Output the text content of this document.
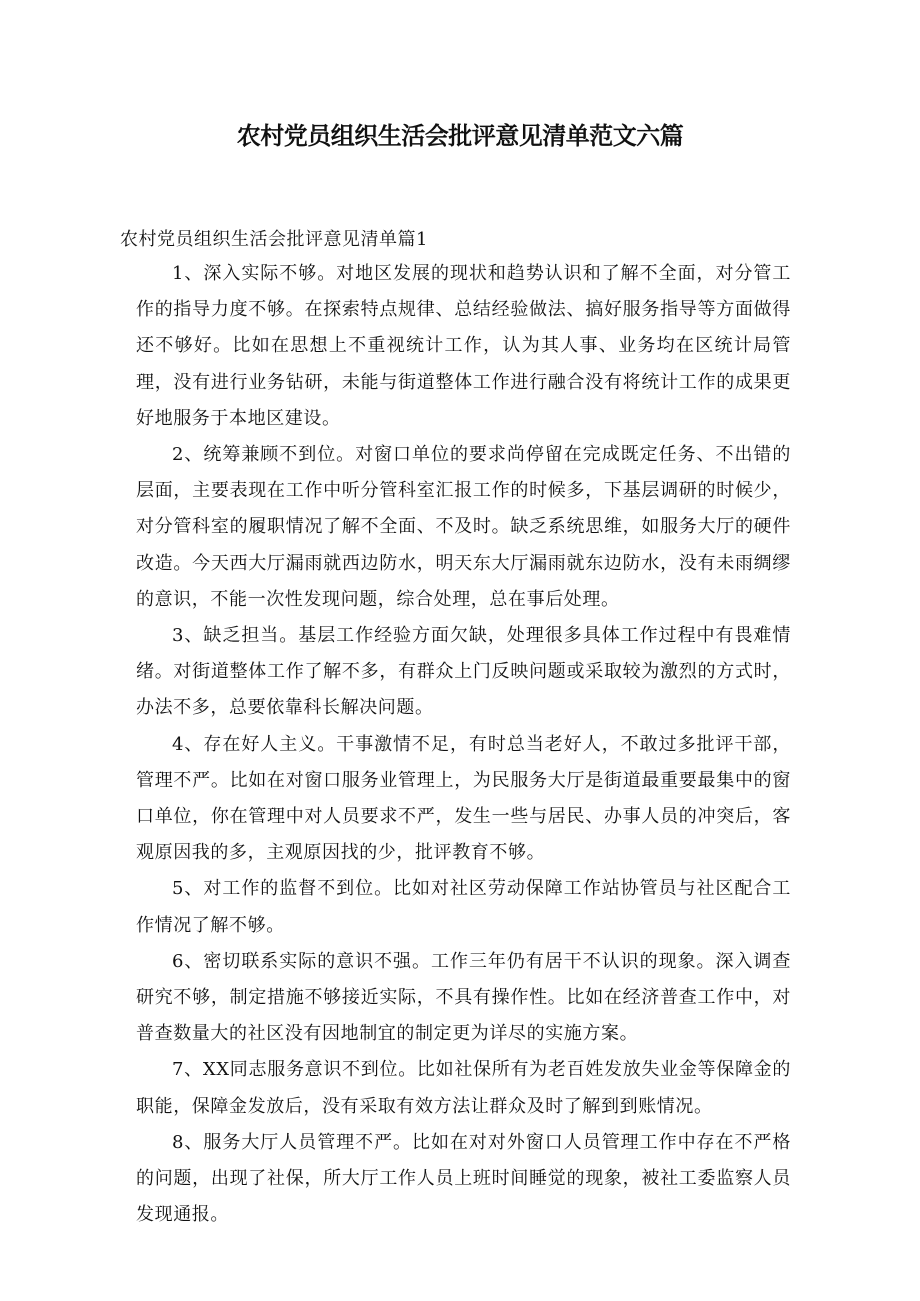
农村党员组织生活会批评意见清单范文六篇
农村党员组织生活会批评意见清单篇1

1、深入实际不够。对地区发展的现状和趋势认识和了解不全面，对分管工作的指导力度不够。在探索特点规律、总结经验做法、搞好服务指导等方面做得还不够好。比如在思想上不重视统计工作，认为其人事、业务均在区统计局管理，没有进行业务钻研，未能与街道整体工作进行融合没有将统计工作的成果更好地服务于本地区建设。

2、统筹兼顾不到位。对窗口单位的要求尚停留在完成既定任务、不出错的层面，主要表现在工作中听分管科室汇报工作的时候多，下基层调研的时候少，对分管科室的履职情况了解不全面、不及时。缺乏系统思维，如服务大厅的硬件改造。今天西大厅漏雨就西边防水，明天东大厅漏雨就东边防水，没有未雨绸缪的意识，不能一次性发现问题，综合处理，总在事后处理。

3、缺乏担当。基层工作经验方面欠缺，处理很多具体工作过程中有畏难情绪。对街道整体工作了解不多，有群众上门反映问题或采取较为激烈的方式时，办法不多，总要依靠科长解决问题。

4、存在好人主义。干事激情不足，有时总当老好人，不敢过多批评干部，管理不严。比如在对窗口服务业管理上，为民服务大厅是街道最重要最集中的窗口单位，你在管理中对人员要求不严，发生一些与居民、办事人员的冲突后，客观原因我的多，主观原因找的少，批评教育不够。

5、对工作的监督不到位。比如对社区劳动保障工作站协管员与社区配合工作情况了解不够。

6、密切联系实际的意识不强。工作三年仍有居干不认识的现象。深入调查研究不够，制定措施不够接近实际，不具有操作性。比如在经济普查工作中，对普查数量大的社区没有因地制宜的制定更为详尽的实施方案。

7、XX同志服务意识不到位。比如社保所有为老百姓发放失业金等保障金的职能，保障金发放后，没有采取有效方法让群众及时了解到到账情况。

8、服务大厅人员管理不严。比如在对对外窗口人员管理工作中存在不严格的问题，出现了社保，所大厅工作人员上班时间睡觉的现象，被社工委监察人员发现通报。
